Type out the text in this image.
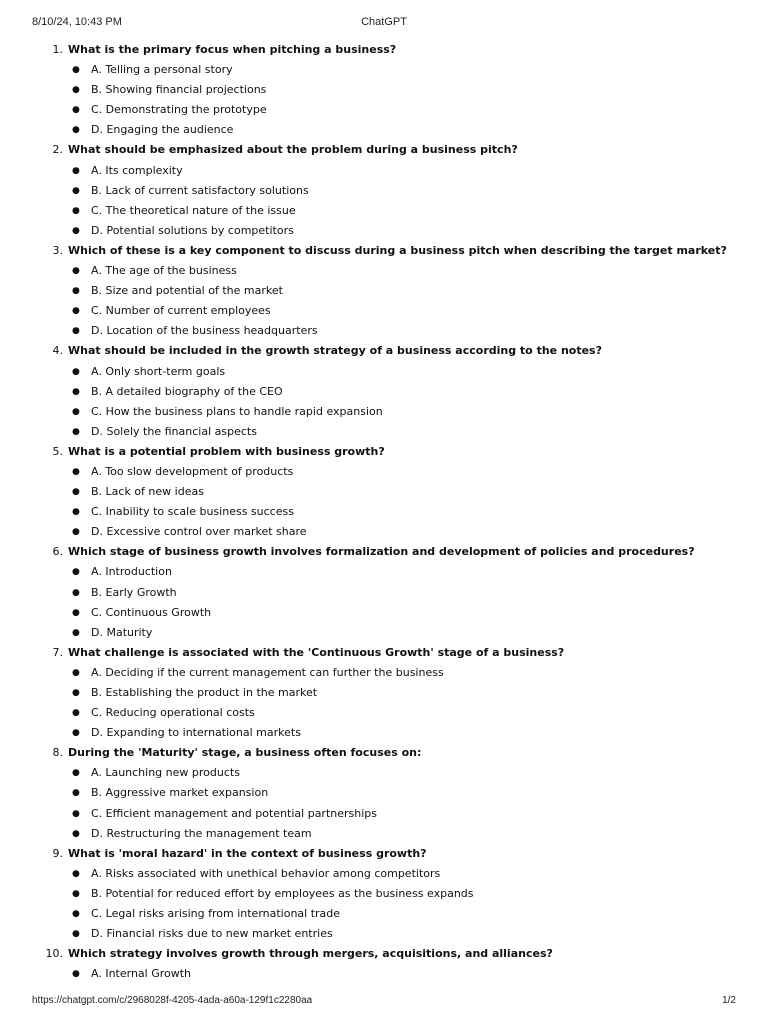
8/10/24, 10:43 PM	ChatGPT
1. What is the primary focus when pitching a business?
● A. Telling a personal story
● B. Showing financial projections
● C. Demonstrating the prototype
● D. Engaging the audience
2. What should be emphasized about the problem during a business pitch?
● A. Its complexity
● B. Lack of current satisfactory solutions
● C. The theoretical nature of the issue
● D. Potential solutions by competitors
3. Which of these is a key component to discuss during a business pitch when describing the target market?
● A. The age of the business
● B. Size and potential of the market
● C. Number of current employees
● D. Location of the business headquarters
4. What should be included in the growth strategy of a business according to the notes?
● A. Only short-term goals
● B. A detailed biography of the CEO
● C. How the business plans to handle rapid expansion
● D. Solely the financial aspects
5. What is a potential problem with business growth?
● A. Too slow development of products
● B. Lack of new ideas
● C. Inability to scale business success
● D. Excessive control over market share
6. Which stage of business growth involves formalization and development of policies and procedures?
● A. Introduction
● B. Early Growth
● C. Continuous Growth
● D. Maturity
7. What challenge is associated with the 'Continuous Growth' stage of a business?
● A. Deciding if the current management can further the business
● B. Establishing the product in the market
● C. Reducing operational costs
● D. Expanding to international markets
8. During the 'Maturity' stage, a business often focuses on:
● A. Launching new products
● B. Aggressive market expansion
● C. Efficient management and potential partnerships
● D. Restructuring the management team
9. What is 'moral hazard' in the context of business growth?
● A. Risks associated with unethical behavior among competitors
● B. Potential for reduced effort by employees as the business expands
● C. Legal risks arising from international trade
● D. Financial risks due to new market entries
10. Which strategy involves growth through mergers, acquisitions, and alliances?
● A. Internal Growth
https://chatgpt.com/c/2968028f-4205-4ada-a60a-129f1c2280aa	1/2
